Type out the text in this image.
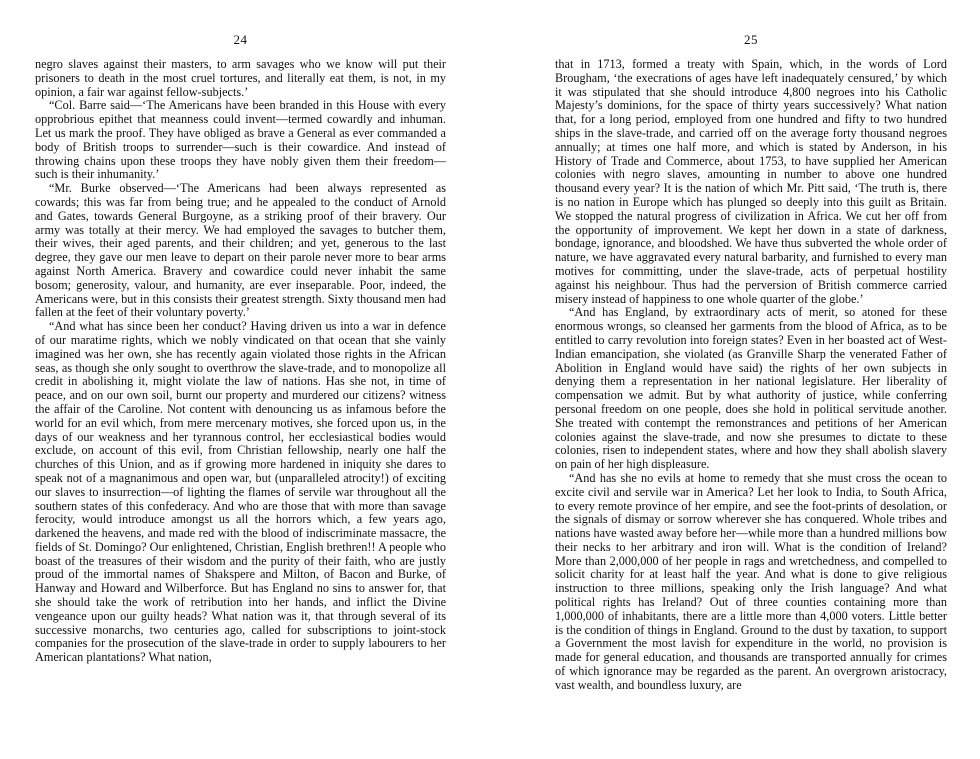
24

negro slaves against their masters, to arm savages who we know will put their prisoners to death in the most cruel tortures, and literally eat them, is not, in my opinion, a fair war against fellow-subjects.’

“Col. Barre said—‘The Americans have been branded in this House with every opprobrious epithet that meanness could invent—termed cowardly and inhuman. Let us mark the proof. They have obliged as brave a General as ever commanded a body of British troops to surrender—such is their cowardice. And instead of throwing chains upon these troops they have nobly given them their freedom—such is their inhumanity.’

“Mr. Burke observed—‘The Americans had been always represented as cowards; this was far from being true; and he appealed to the conduct of Arnold and Gates, towards General Burgoyne, as a striking proof of their bravery. Our army was totally at their mercy. We had employed the savages to butcher them, their wives, their aged parents, and their children; and yet, generous to the last degree, they gave our men leave to depart on their parole never more to bear arms against North America. Bravery and cowardice could never inhabit the same bosom; generosity, valour, and humanity, are ever inseparable. Poor, indeed, the Americans were, but in this consists their greatest strength. Sixty thousand men had fallen at the feet of their voluntary poverty.’

“And what has since been her conduct? Having driven us into a war in defence of our maratime rights, which we nobly vindicated on that ocean that she vainly imagined was her own, she has recently again violated those rights in the African seas, as though she only sought to overthrow the slave-trade, and to monopolize all credit in abolishing it, might violate the law of nations. Has she not, in time of peace, and on our own soil, burnt our property and murdered our citizens? witness the affair of the Caroline. Not content with denouncing us as infamous before the world for an evil which, from mere mercenary motives, she forced upon us, in the days of our weakness and her tyrannous control, her ecclesiastical bodies would exclude, on account of this evil, from Christian fellowship, nearly one half the churches of this Union, and as if growing more hardened in iniquity she dares to speak not of a magnanimous and open war, but (unparalleled atrocity!) of exciting our slaves to insurrection—of lighting the flames of servile war throughout all the southern states of this confederacy. And who are those that with more than savage ferocity, would introduce amongst us all the horrors which, a few years ago, darkened the heavens, and made red with the blood of indiscriminate massacre, the fields of St. Domingo? Our enlightened, Christian, English brethren!! A people who boast of the treasures of their wisdom and the purity of their faith, who are justly proud of the immortal names of Shakspere and Milton, of Bacon and Burke, of Hanway and Howard and Wilberforce. But has England no sins to answer for, that she should take the work of retribution into her hands, and inflict the Divine vengeance upon our guilty heads? What nation was it, that through several of its successive monarchs, two centuries ago, called for subscriptions to joint-stock companies for the prosecution of the slave-trade in order to supply labourers to her American plantations? What nation,

25

that in 1713, formed a treaty with Spain, which, in the words of Lord Brougham, ‘the execrations of ages have left inadequately censured,’ by which it was stipulated that she should introduce 4,800 negroes into his Catholic Majesty’s dominions, for the space of thirty years successively? What nation that, for a long period, employed from one hundred and fifty to two hundred ships in the slave-trade, and carried off on the average forty thousand negroes annually; at times one half more, and which is stated by Anderson, in his History of Trade and Commerce, about 1753, to have supplied her American colonies with negro slaves, amounting in number to above one hundred thousand every year? It is the nation of which Mr. Pitt said, ‘The truth is, there is no nation in Europe which has plunged so deeply into this guilt as Britain. We stopped the natural progress of civilization in Africa. We cut her off from the opportunity of improvement. We kept her down in a state of darkness, bondage, ignorance, and bloodshed. We have thus subverted the whole order of nature, we have aggravated every natural barbarity, and furnished to every man motives for committing, under the slave-trade, acts of perpetual hostility against his neighbour. Thus had the perversion of British commerce carried misery instead of happiness to one whole quarter of the globe.’

“And has England, by extraordinary acts of merit, so atoned for these enormous wrongs, so cleansed her garments from the blood of Africa, as to be entitled to carry revolution into foreign states? Even in her boasted act of West-Indian emancipation, she violated (as Granville Sharp the venerated Father of Abolition in England would have said) the rights of her own subjects in denying them a representation in her national legislature. Her liberality of compensation we admit. But by what authority of justice, while conferring personal freedom on one people, does she hold in political servitude another. She treated with contempt the remonstrances and petitions of her American colonies against the slave-trade, and now she presumes to dictate to these colonies, risen to independent states, where and how they shall abolish slavery on pain of her high displeasure.

“And has she no evils at home to remedy that she must cross the ocean to excite civil and servile war in America? Let her look to India, to South Africa, to every remote province of her empire, and see the foot-prints of desolation, or the signals of dismay or sorrow wherever she has conquered. Whole tribes and nations have wasted away before her—while more than a hundred millions bow their necks to her arbitrary and iron will. What is the condition of Ireland? More than 2,000,000 of her people in rags and wretchedness, and compelled to solicit charity for at least half the year. And what is done to give religious instruction to three millions, speaking only the Irish language? And what political rights has Ireland? Out of three counties containing more than 1,000,000 of inhabitants, there are a little more than 4,000 voters. Little better is the condition of things in England. Ground to the dust by taxation, to support a Government the most lavish for expenditure in the world, no provision is made for general education, and thousands are transported annually for crimes of which ignorance may be regarded as the parent. An overgrown aristocracy, vast wealth, and boundless luxury, are
